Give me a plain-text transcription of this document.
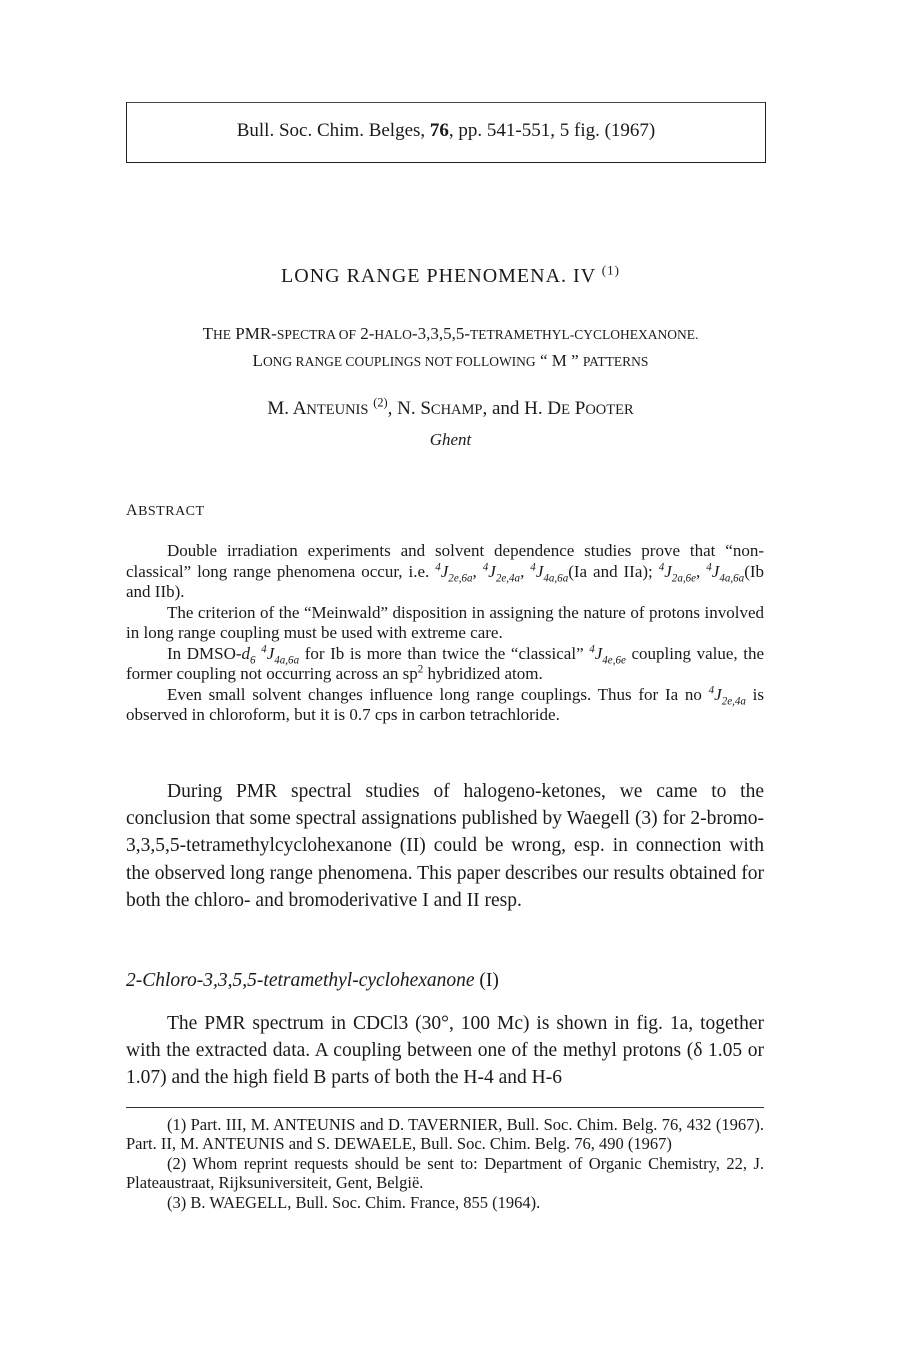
Bull. Soc. Chim. Belges, 76, pp. 541-551, 5 fig. (1967)
LONG RANGE PHENOMENA. IV $^{(1)}$
THE PMR-SPECTRA OF 2-HALO-3,3,5,5-TETRAMETHYL-CYCLOHEXANONE.
LONG RANGE COUPLINGS NOT FOLLOWING “ M ” PATTERNS
M. ANTEUNIS $^{(2)}$, N. SCHAMP, and H. DE POOTER
Ghent
ABSTRACT

Double irradiation experiments and solvent dependence studies prove that “non-classical” long range phenomena occur, i.e. $^4J_{2e,6a}$, $^4J_{2e,4a}$, $^4J_{4a,6a}(Ia$ and IIa); $^4J_{2a,6e}$, $^4J_{4a,6a}(Ib$ and IIb).

The criterion of the “Meinwald” disposition in assigning the nature of protons involved in long range coupling must be used with extreme care.

In DMSO-$d_6$ $^4J_{4a,6a}$ for Ib is more than twice the “classical” $^4J_{4e,6e}$ coupling value, the former coupling not occurring across an $sp^2$ hybridized atom.

Even small solvent changes influence long range couplings. Thus for Ia no $^4J_{2e,4a}$ is observed in chloroform, but it is 0.7 cps in carbon tetrachloride.

During PMR spectral studies of halogeno-ketones, we came to the conclusion that some spectral assignations published by Waegell (3) for 2-bromo-3,3,5,5-tetramethylcyclohexanone (II) could be wrong, esp. in connection with the observed long range phenomena. This paper describes our results obtained for both the chloro- and bromoderivative I and II resp.

2-Chloro-3,3,5,5-tetramethyl-cyclohexanone (I)

The PMR spectrum in CDCl3 (30°, 100 Mc) is shown in fig. 1a, together with the extracted data. A coupling between one of the methyl protons (δ 1.05 or 1.07) and the high field B parts of both the H-4 and H-6

(1) Part. III, M. ANTEUNIS and D. TAVERNIER, Bull. Soc. Chim. Belg. 76, 432 (1967). Part. II, M. ANTEUNIS and S. DEWAELE, Bull. Soc. Chim. Belg. 76, 490 (1967)

(2) Whom reprint requests should be sent to: Department of Organic Chemistry, 22, J. Plateaustraat, Rijksuniversiteit, Gent, België.

(3) B. WAEGELL, Bull. Soc. Chim. France, 855 (1964).
